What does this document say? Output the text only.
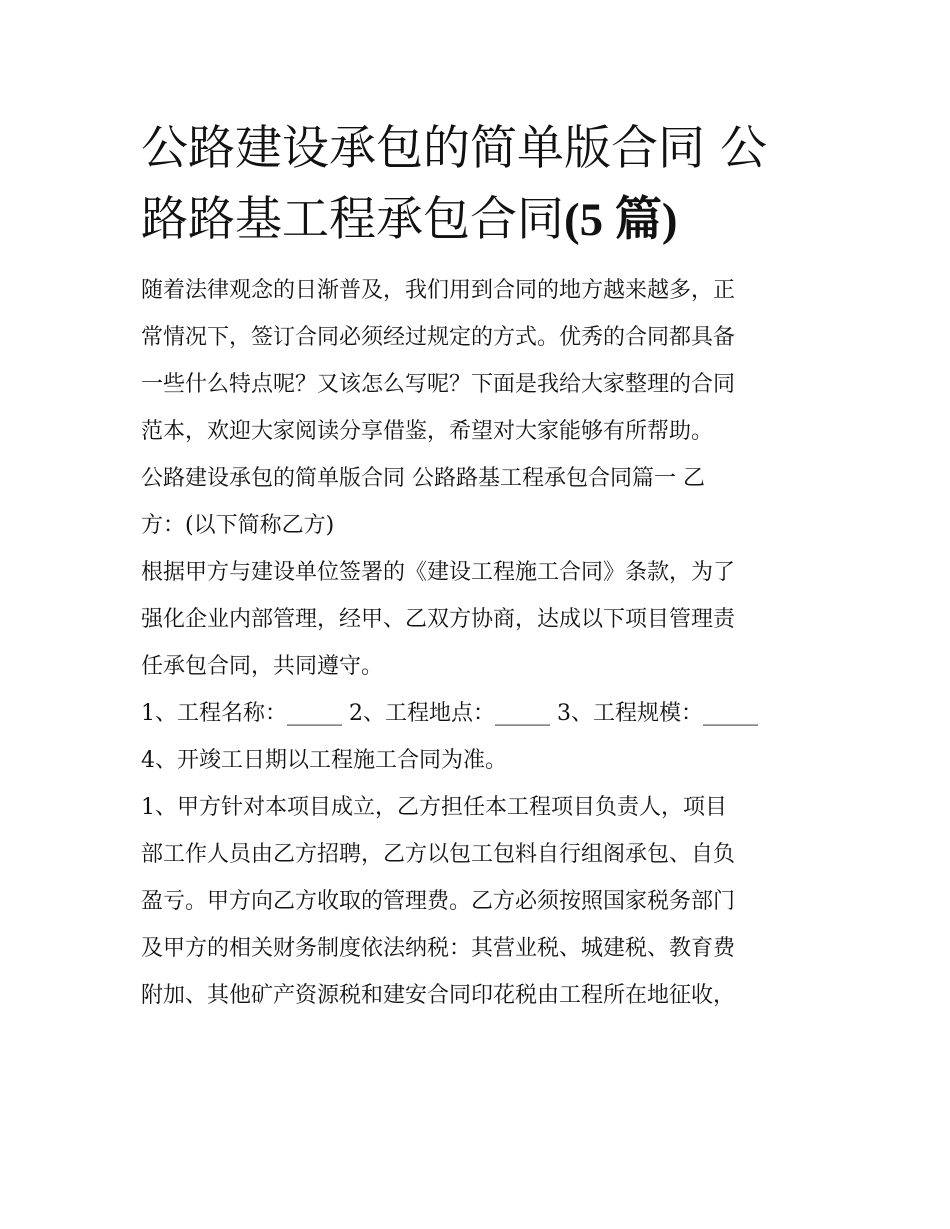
公路建设承包的简单版合同 公
路路基工程承包合同(5 篇)
随着法律观念的日渐普及，我们用到合同的地方越来越多，正
常情况下，签订合同必须经过规定的方式。优秀的合同都具备
一些什么特点呢？又该怎么写呢？下面是我给大家整理的合同
范本，欢迎大家阅读分享借鉴，希望对大家能够有所帮助。
公路建设承包的简单版合同 公路路基工程承包合同篇一 乙
方：(以下简称乙方)
根据甲方与建设单位签署的《建设工程施工合同》条款，为了
强化企业内部管理，经甲、乙双方协商，达成以下项目管理责
任承包合同，共同遵守。
1、工程名称：_____ 2、工程地点：_____ 3、工程规模：_____
4、开竣工日期以工程施工合同为准。
1、甲方针对本项目成立，乙方担任本工程项目负责人，项目
部工作人员由乙方招聘，乙方以包工包料自行组阁承包、自负
盈亏。甲方向乙方收取的管理费。乙方必须按照国家税务部门
及甲方的相关财务制度依法纳税：其营业税、城建税、教育费
附加、其他矿产资源税和建安合同印花税由工程所在地征收，
